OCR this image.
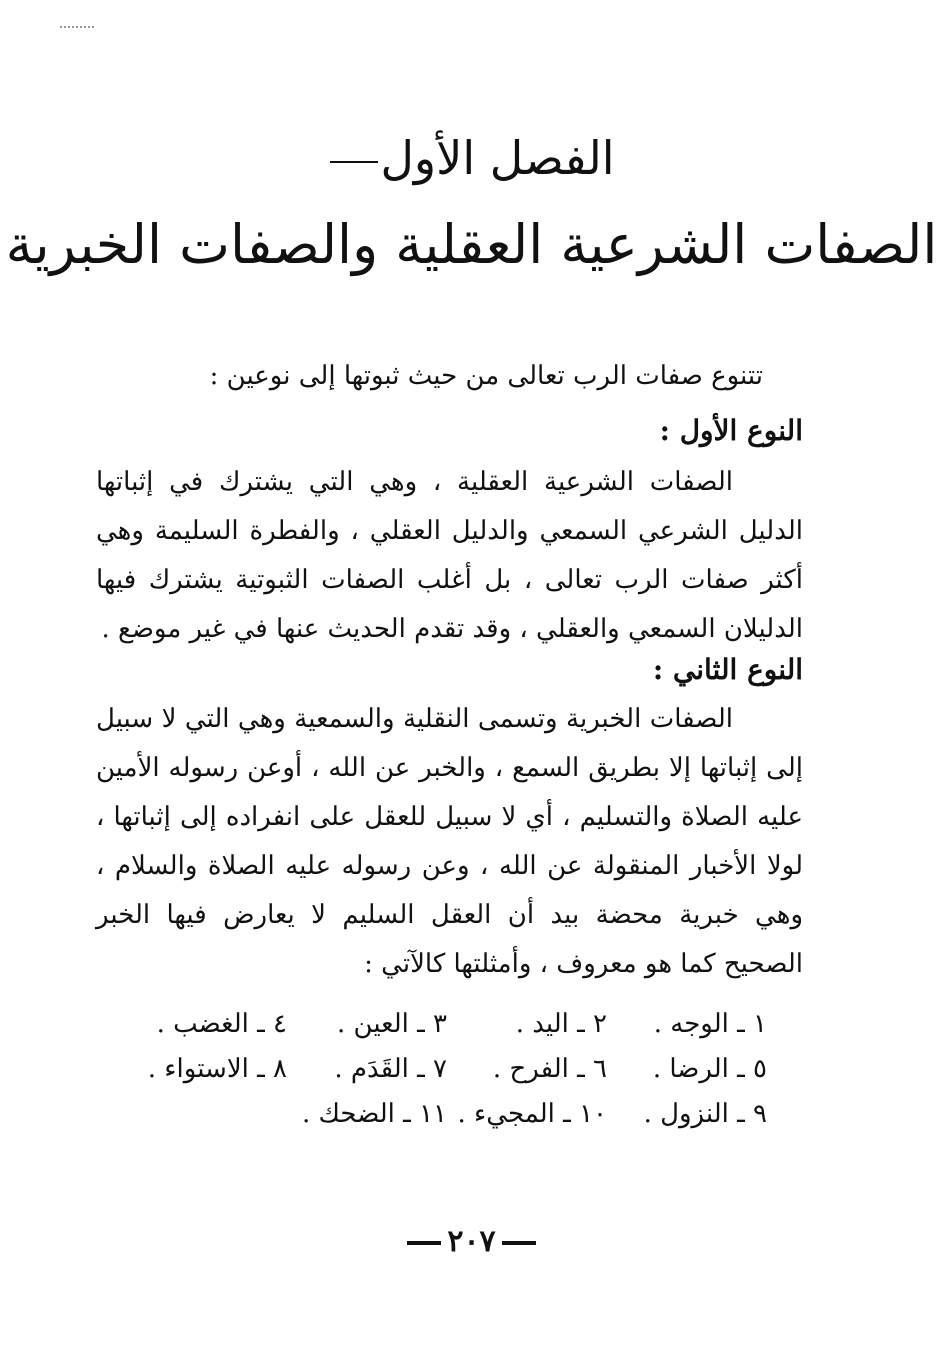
الفصل الأول
الصفات الشرعية العقلية والصفات الخبرية

تتنوع صفات الرب تعالى من حيث ثبوتها إلى نوعين :

النوع الأول :

الصفات الشرعية العقلية ، وهي التي يشترك في إثباتها الدليل الشرعي السمعي والدليل العقلي ، والفطرة السليمة وهي أكثر صفات الرب تعالى ، بل أغلب الصفات الثبوتية يشترك فيها الدليلان السمعي والعقلي ، وقد تقدم الحديث عنها في غير موضع .

النوع الثاني :

الصفات الخبرية وتسمى النقلية والسمعية وهي التي لا سبيل إلى إثباتها إلا بطريق السمع ، والخبر عن الله ، أوعن رسوله الأمين عليه الصلاة والتسليم ، أي لا سبيل للعقل على انفراده إلى إثباتها ، لولا الأخبار المنقولة عن الله ، وعن رسوله عليه الصلاة والسلام ، وهي خبرية محضة بيد أن العقل السليم لا يعارض فيها الخبر الصحيح كما هو معروف ، وأمثلتها كالآتي :

١ ـ الوجه .
٢ ـ اليد .
٣ ـ العين .
٤ ـ الغضب .
٥ ـ الرضا .
٦ ـ الفرح .
٧ ـ القَدَم .
٨ ـ الاستواء .
٩ ـ النزول .
١٠ ـ المجيء .
١١ ـ الضحك .
٢٠٧
